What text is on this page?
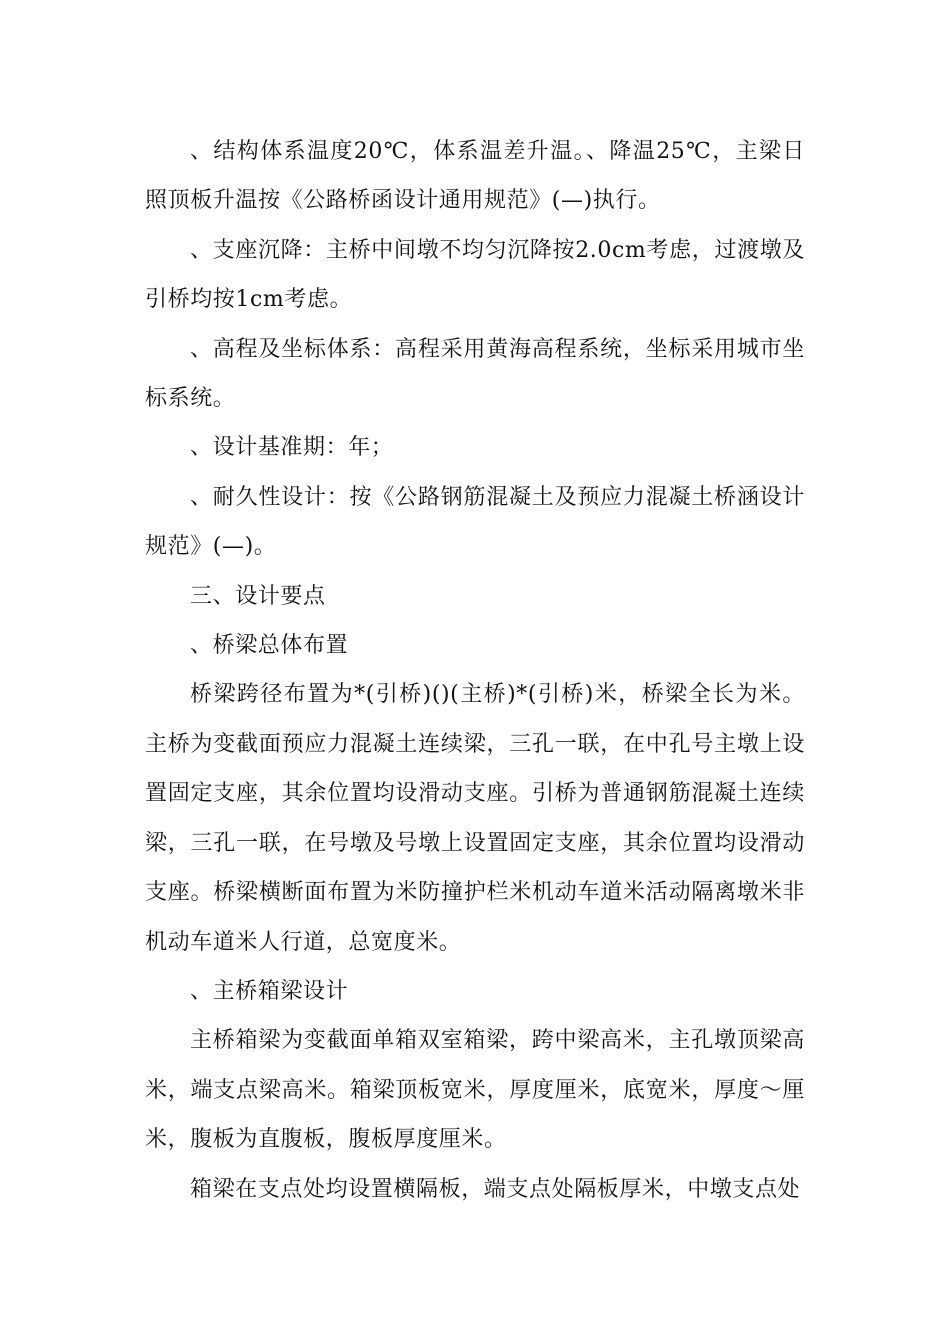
、结构体系温度20℃，体系温差升温。、降温25℃，主梁日照顶板升温按《公路桥函设计通用规范》(—)执行。

、支座沉降：主桥中间墩不均匀沉降按2.0cm考虑，过渡墩及引桥均按1cm考虑。

、高程及坐标体系：高程采用黄海高程系统，坐标采用城市坐标系统。

、设计基准期：年；

、耐久性设计：按《公路钢筋混凝土及预应力混凝土桥涵设计规范》(—)。

三、设计要点

、桥梁总体布置

桥梁跨径布置为*(引桥)()(主桥)*(引桥)米，桥梁全长为米。主桥为变截面预应力混凝土连续梁，三孔一联，在中孔号主墩上设置固定支座，其余位置均设滑动支座。引桥为普通钢筋混凝土连续梁，三孔一联，在号墩及号墩上设置固定支座，其余位置均设滑动支座。桥梁横断面布置为米防撞护栏米机动车道米活动隔离墩米非机动车道米人行道，总宽度米。

、主桥箱梁设计

主桥箱梁为变截面单箱双室箱梁，跨中梁高米，主孔墩顶梁高米，端支点梁高米。箱梁顶板宽米，厚度厘米，底宽米，厚度～厘米，腹板为直腹板，腹板厚度厘米。

箱梁在支点处均设置横隔板，端支点处隔板厚米，中墩支点处
